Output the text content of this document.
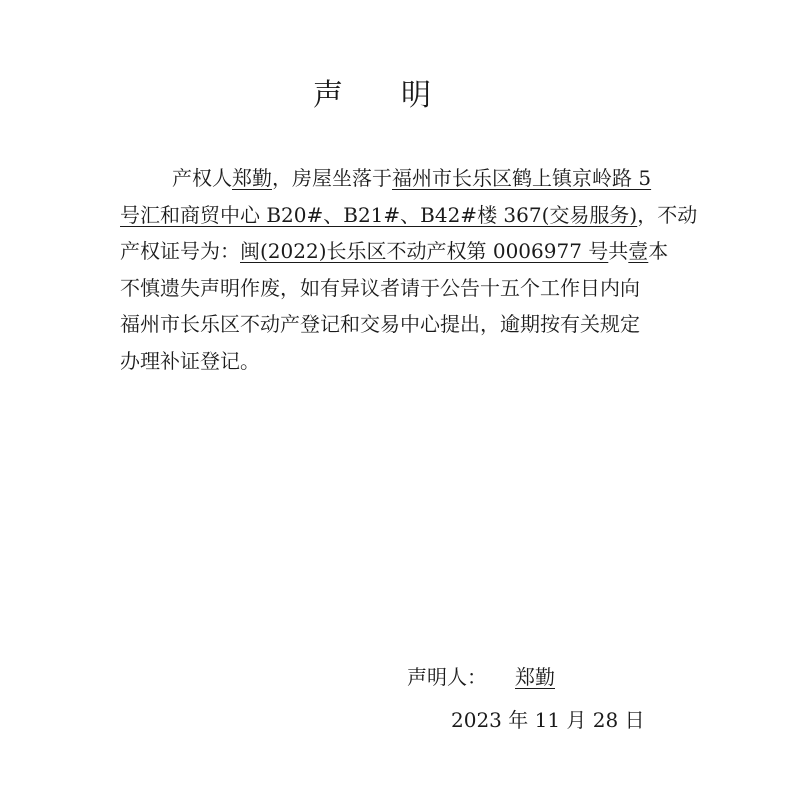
声 明
产权人郑勤，房屋坐落于福州市长乐区鹤上镇京岭路 5
号汇和商贸中心 B20#、B21#、B42#楼 367(交易服务)，不动
产权证号为：闽(2022)长乐区不动产权第 0006977 号共壹本
不慎遗失声明作废，如有异议者请于公告十五个工作日内向
福州市长乐区不动产登记和交易中心提出，逾期按有关规定
办理补证登记。
声明人： 郑勤
2023 年 11 月 28 日
